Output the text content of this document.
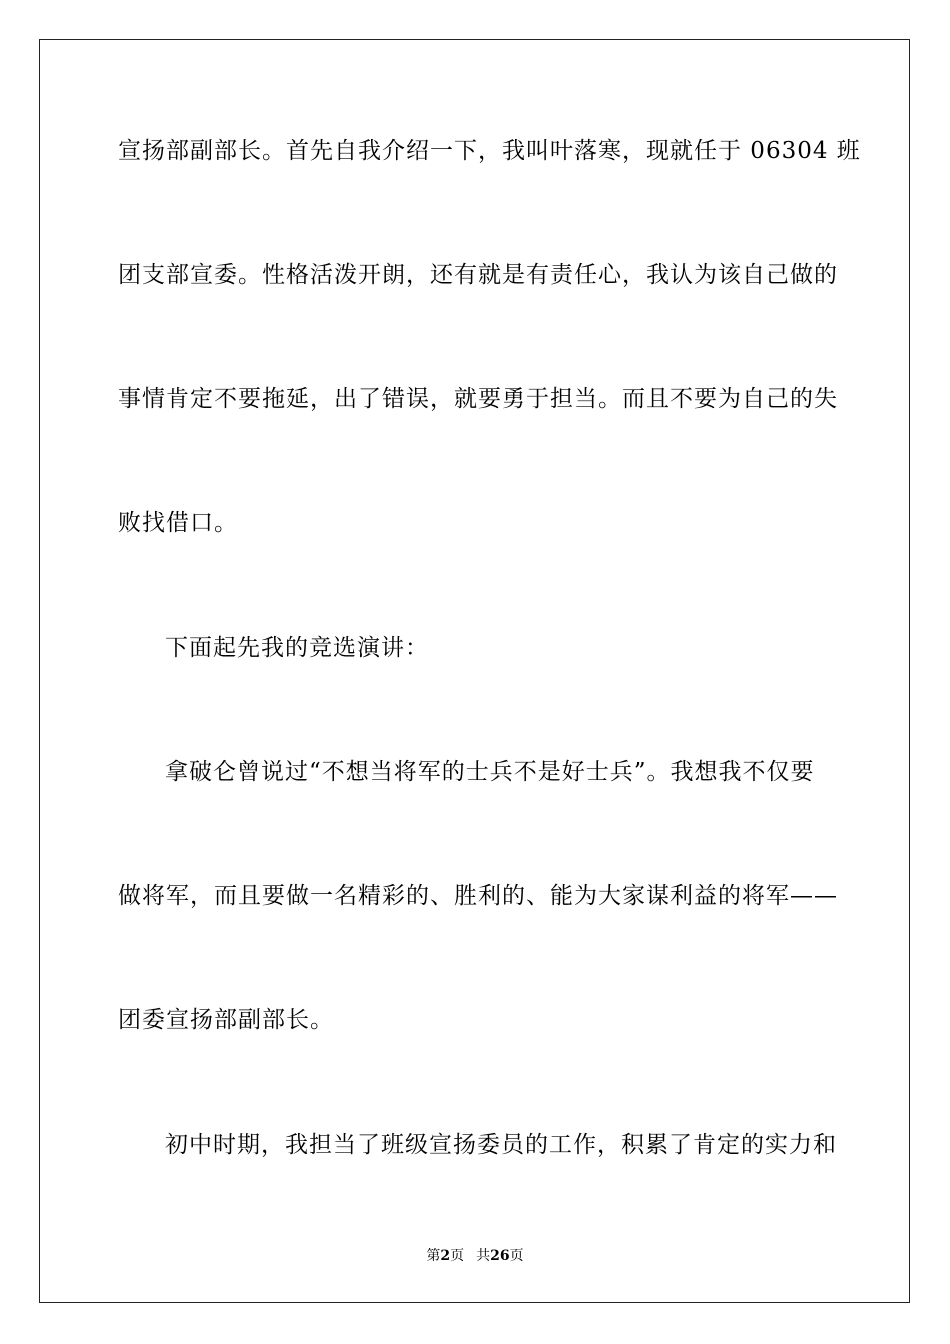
宣扬部副部长。首先自我介绍一下，我叫叶落寒，现就任于 06304 班
团支部宣委。性格活泼开朗，还有就是有责任心，我认为该自己做的
事情肯定不要拖延，出了错误，就要勇于担当。而且不要为自己的失
败找借口。
下面起先我的竞选演讲：
拿破仑曾说过“不想当将军的士兵不是好士兵”。我想我不仅要
做将军，而且要做一名精彩的、胜利的、能为大家谋利益的将军——
团委宣扬部副部长。
初中时期，我担当了班级宣扬委员的工作，积累了肯定的实力和
第2页 共26页
